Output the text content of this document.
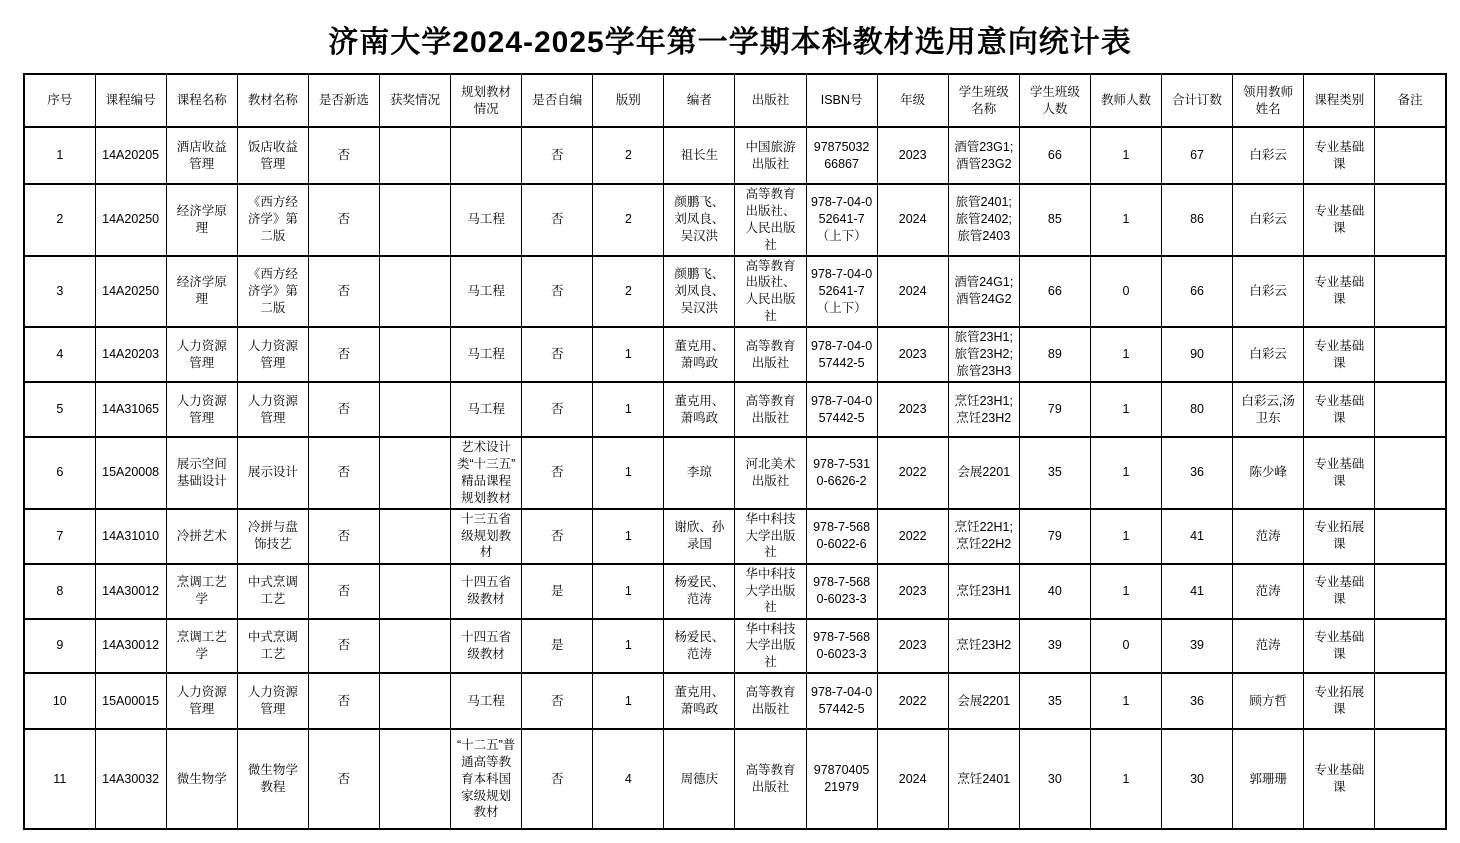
济南大学2024-2025学年第一学期本科教材选用意向统计表
序号	课程编号	课程名称	教材名称	是否新选	获奖情况	规划教材情况	是否自编	版别	编者	出版社	ISBN号	年级	学生班级名称	学生班级人数	教师人数	合计订数	领用教师姓名	课程类别	备注
1	14A20205	酒店收益管理	饭店收益管理	否			否	2	祖长生	中国旅游出版社	9787503266867	2023	酒管23G1;酒管23G2	66	1	67	白彩云	专业基础课	
2	14A20250	经济学原理	《西方经济学》第二版	否		马工程	否	2	颜鹏飞、刘凤良、吴汉洪	高等教育出版社、人民出版社	978-7-04-052641-7（上下）	2024	旅管2401;旅管2402;旅管2403	85	1	86	白彩云	专业基础课	
3	14A20250	经济学原理	《西方经济学》第二版	否		马工程	否	2	颜鹏飞、刘凤良、吴汉洪	高等教育出版社、人民出版社	978-7-04-052641-7（上下）	2024	酒管24G1;酒管24G2	66	0	66	白彩云	专业基础课	
4	14A20203	人力资源管理	人力资源管理	否		马工程	否	1	董克用、萧鸣政	高等教育出版社	978-7-04-057442-5	2023	旅管23H1;旅管23H2;旅管23H3	89	1	90	白彩云	专业基础课	
5	14A31065	人力资源管理	人力资源管理	否		马工程	否	1	董克用、萧鸣政	高等教育出版社	978-7-04-057442-5	2023	烹饪23H1;烹饪23H2	79	1	80	白彩云,汤卫东	专业基础课	
6	15A20008	展示空间基础设计	展示设计	否		艺术设计类“十三五”精品课程规划教材	否	1	李琼	河北美术出版社	978-7-5310-6626-2	2022	会展2201	35	1	36	陈少峰	专业基础课	
7	14A31010	冷拼艺术	冷拼与盘饰技艺	否		十三五省级规划教材	否	1	谢欣、孙录国	华中科技大学出版社	978-7-5680-6022-6	2022	烹饪22H1;烹饪22H2	79	1	41	范涛	专业拓展课	
8	14A30012	烹调工艺学	中式烹调工艺	否		十四五省级教材	是	1	杨爱民、范涛	华中科技大学出版社	978-7-5680-6023-3	2023	烹饪23H1	40	1	41	范涛	专业基础课	
9	14A30012	烹调工艺学	中式烹调工艺	否		十四五省级教材	是	1	杨爱民、范涛	华中科技大学出版社	978-7-5680-6023-3	2023	烹饪23H2	39	0	39	范涛	专业基础课	
10	15A00015	人力资源管理	人力资源管理	否		马工程	否	1	董克用、萧鸣政	高等教育出版社	978-7-04-057442-5	2022	会展2201	35	1	36	顾方哲	专业拓展课	
11	14A30032	微生物学	微生物学教程	否		“十二五”普通高等教育本科国家级规划教材	否	4	周德庆	高等教育出版社	9787040521979	2024	烹饪2401	30	1	30	郭珊珊	专业基础课	
